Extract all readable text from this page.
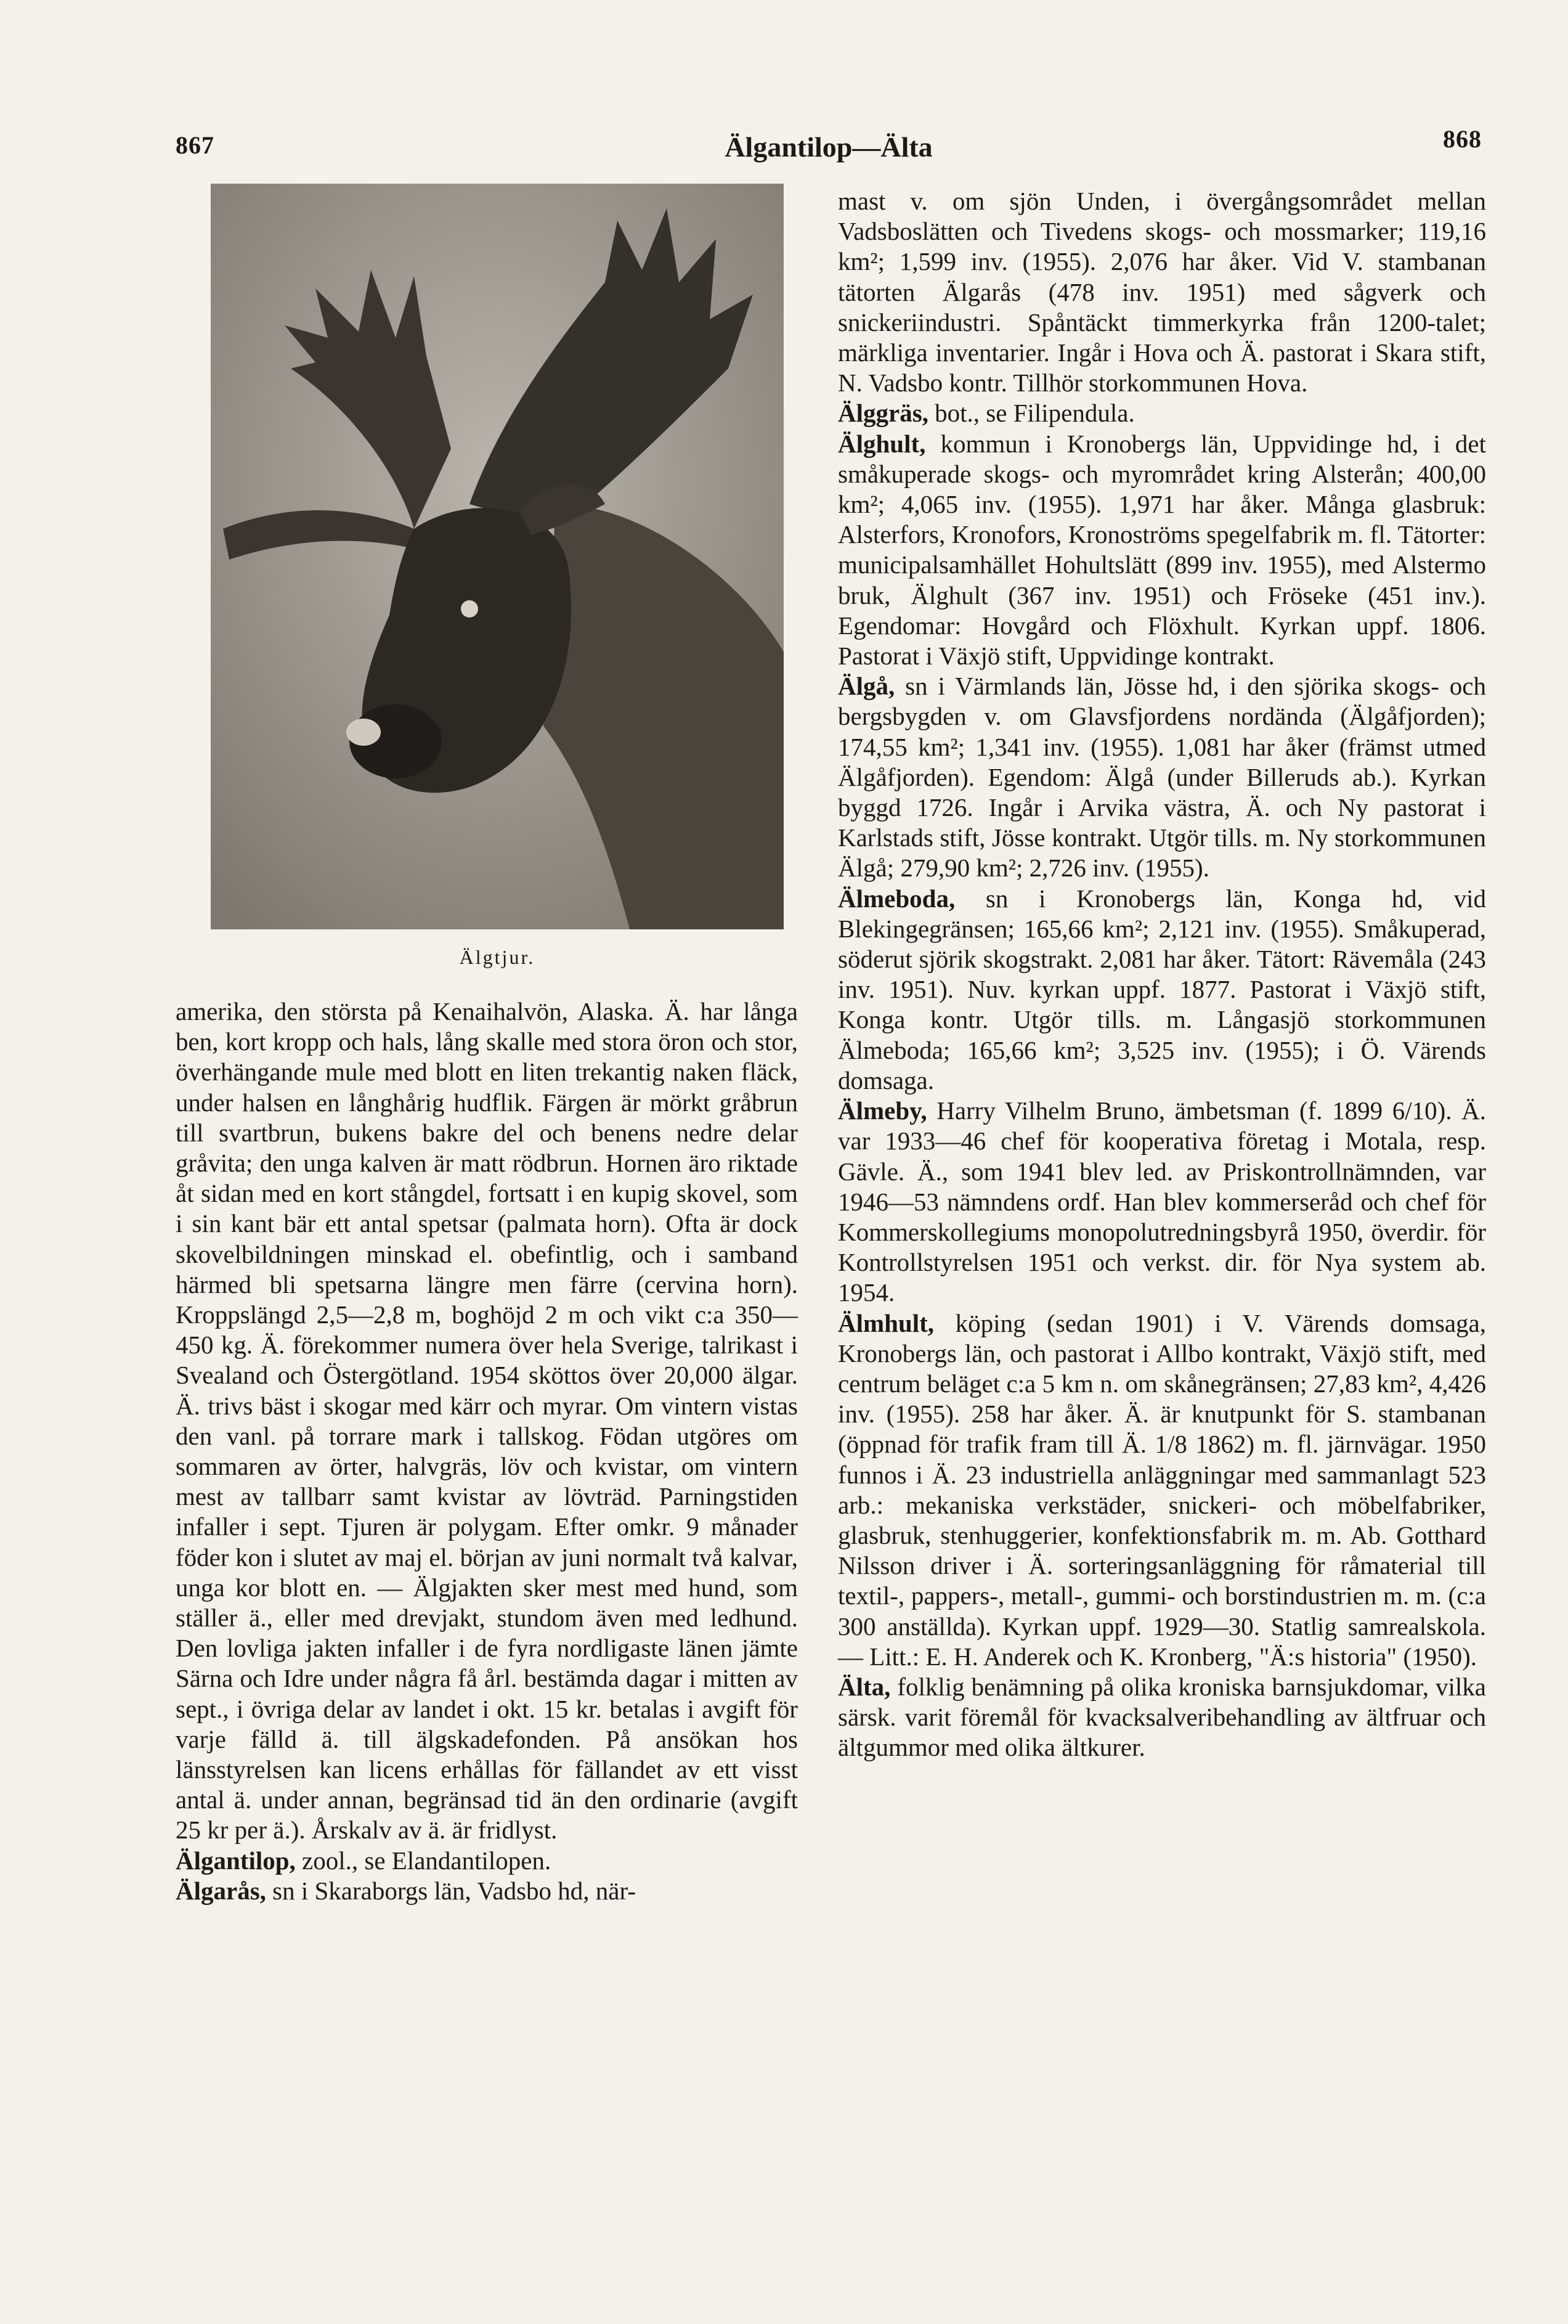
867	Älgantilop—Älta	868
Älgtjur.

amerika, den största på Kenaihalvön, Alaska. Ä. har långa ben, kort kropp och hals, lång skalle med stora öron och stor, överhängande mule med blott en liten trekantig naken fläck, under halsen en långhårig hudflik. Färgen är mörkt gråbrun till svartbrun, bukens bakre del och benens nedre delar gråvita; den unga kalven är matt rödbrun. Hornen äro riktade åt sidan med en kort stångdel, fortsatt i en kupig skovel, som i sin kant bär ett antal spetsar (palmata horn). Ofta är dock skovelbildningen minskad el. obefintlig, och i samband härmed bli spetsarna längre men färre (cervina horn). Kroppslängd 2,5—2,8 m, boghöjd 2 m och vikt c:a 350—450 kg. Ä. förekommer numera över hela Sverige, talrikast i Svealand och Östergötland. 1954 sköttos över 20,000 älgar. Ä. trivs bäst i skogar med kärr och myrar. Om vintern vistas den vanl. på torrare mark i tallskog. Födan utgöres om sommaren av örter, halvgräs, löv och kvistar, om vintern mest av tallbarr samt kvistar av lövträd. Parningstiden infaller i sept. Tjuren är polygam. Efter omkr. 9 månader föder kon i slutet av maj el. början av juni normalt två kalvar, unga kor blott en. — Älgjakten sker mest med hund, som ställer ä., eller med drevjakt, stundom även med ledhund. Den lovliga jakten infaller i de fyra nordligaste länen jämte Särna och Idre under några få årl. bestämda dagar i mitten av sept., i övriga delar av landet i okt. 15 kr. betalas i avgift för varje fälld ä. till älgskadefonden. På ansökan hos länsstyrelsen kan licens erhållas för fällandet av ett visst antal ä. under annan, begränsad tid än den ordinarie (avgift 25 kr per ä.). Årskalv av ä. är fridlyst.

Älgantilop, zool., se Elandantilopen.

Älgarås, sn i Skaraborgs län, Vadsbo hd, när-

mast v. om sjön Unden, i övergångsområdet mellan Vadsboslätten och Tivedens skogs- och mossmarker; 119,16 km²; 1,599 inv. (1955). 2,076 har åker. Vid V. stambanan tätorten Älgarås (478 inv. 1951) med sågverk och snickeriindustri. Spåntäckt timmerkyrka från 1200-talet; märkliga inventarier. Ingår i Hova och Ä. pastorat i Skara stift, N. Vadsbo kontr. Tillhör storkommunen Hova.

Älggräs, bot., se Filipendula.

Älghult, kommun i Kronobergs län, Uppvidinge hd, i det småkuperade skogs- och myrområdet kring Alsterån; 400,00 km²; 4,065 inv. (1955). 1,971 har åker. Många glasbruk: Alsterfors, Kronofors, Kronoströms spegelfabrik m. fl. Tätorter: municipalsamhället Hohultslätt (899 inv. 1955), med Alstermo bruk, Älghult (367 inv. 1951) och Fröseke (451 inv.). Egendomar: Hovgård och Flöxhult. Kyrkan uppf. 1806. Pastorat i Växjö stift, Uppvidinge kontrakt.

Älgå, sn i Värmlands län, Jösse hd, i den sjörika skogs- och bergsbygden v. om Glavsfjordens nordända (Älgåfjorden); 174,55 km²; 1,341 inv. (1955). 1,081 har åker (främst utmed Älgåfjorden). Egendom: Älgå (under Billeruds ab.). Kyrkan byggd 1726. Ingår i Arvika västra, Ä. och Ny pastorat i Karlstads stift, Jösse kontrakt. Utgör tills. m. Ny storkommunen Älgå; 279,90 km²; 2,726 inv. (1955).

Älmeboda, sn i Kronobergs län, Konga hd, vid Blekingegränsen; 165,66 km²; 2,121 inv. (1955). Småkuperad, söderut sjörik skogstrakt. 2,081 har åker. Tätort: Rävemåla (243 inv. 1951). Nuv. kyrkan uppf. 1877. Pastorat i Växjö stift, Konga kontr. Utgör tills. m. Långasjö storkommunen Älmeboda; 165,66 km²; 3,525 inv. (1955); i Ö. Värends domsaga.

Älmeby, Harry Vilhelm Bruno, ämbetsman (f. 1899 6/10). Ä. var 1933—46 chef för kooperativa företag i Motala, resp. Gävle. Ä., som 1941 blev led. av Priskontrollnämnden, var 1946—53 nämndens ordf. Han blev kommerseråd och chef för Kommerskollegiums monopolutredningsbyrå 1950, överdir. för Kontrollstyrelsen 1951 och verkst. dir. för Nya system ab. 1954.

Älmhult, köping (sedan 1901) i V. Värends domsaga, Kronobergs län, och pastorat i Allbo kontrakt, Växjö stift, med centrum beläget c:a 5 km n. om skånegränsen; 27,83 km², 4,426 inv. (1955). 258 har åker. Ä. är knutpunkt för S. stambanan (öppnad för trafik fram till Ä. 1/8 1862) m. fl. järnvägar. 1950 funnos i Ä. 23 industriella anläggningar med sammanlagt 523 arb.: mekaniska verkstäder, snickeri- och möbelfabriker, glasbruk, stenhuggerier, konfektionsfabrik m. m. Ab. Gotthard Nilsson driver i Ä. sorteringsanläggning för råmaterial till textil-, pappers-, metall-, gummi- och borstindustrien m. m. (c:a 300 anställda). Kyrkan uppf. 1929—30. Statlig samrealskola. — Litt.: E. H. Anderek och K. Kronberg, "Ä:s historia" (1950).

Älta, folklig benämning på olika kroniska barnsjukdomar, vilka särsk. varit föremål för kvacksalveribehandling av ältfruar och ältgummor med olika ältkurer.
